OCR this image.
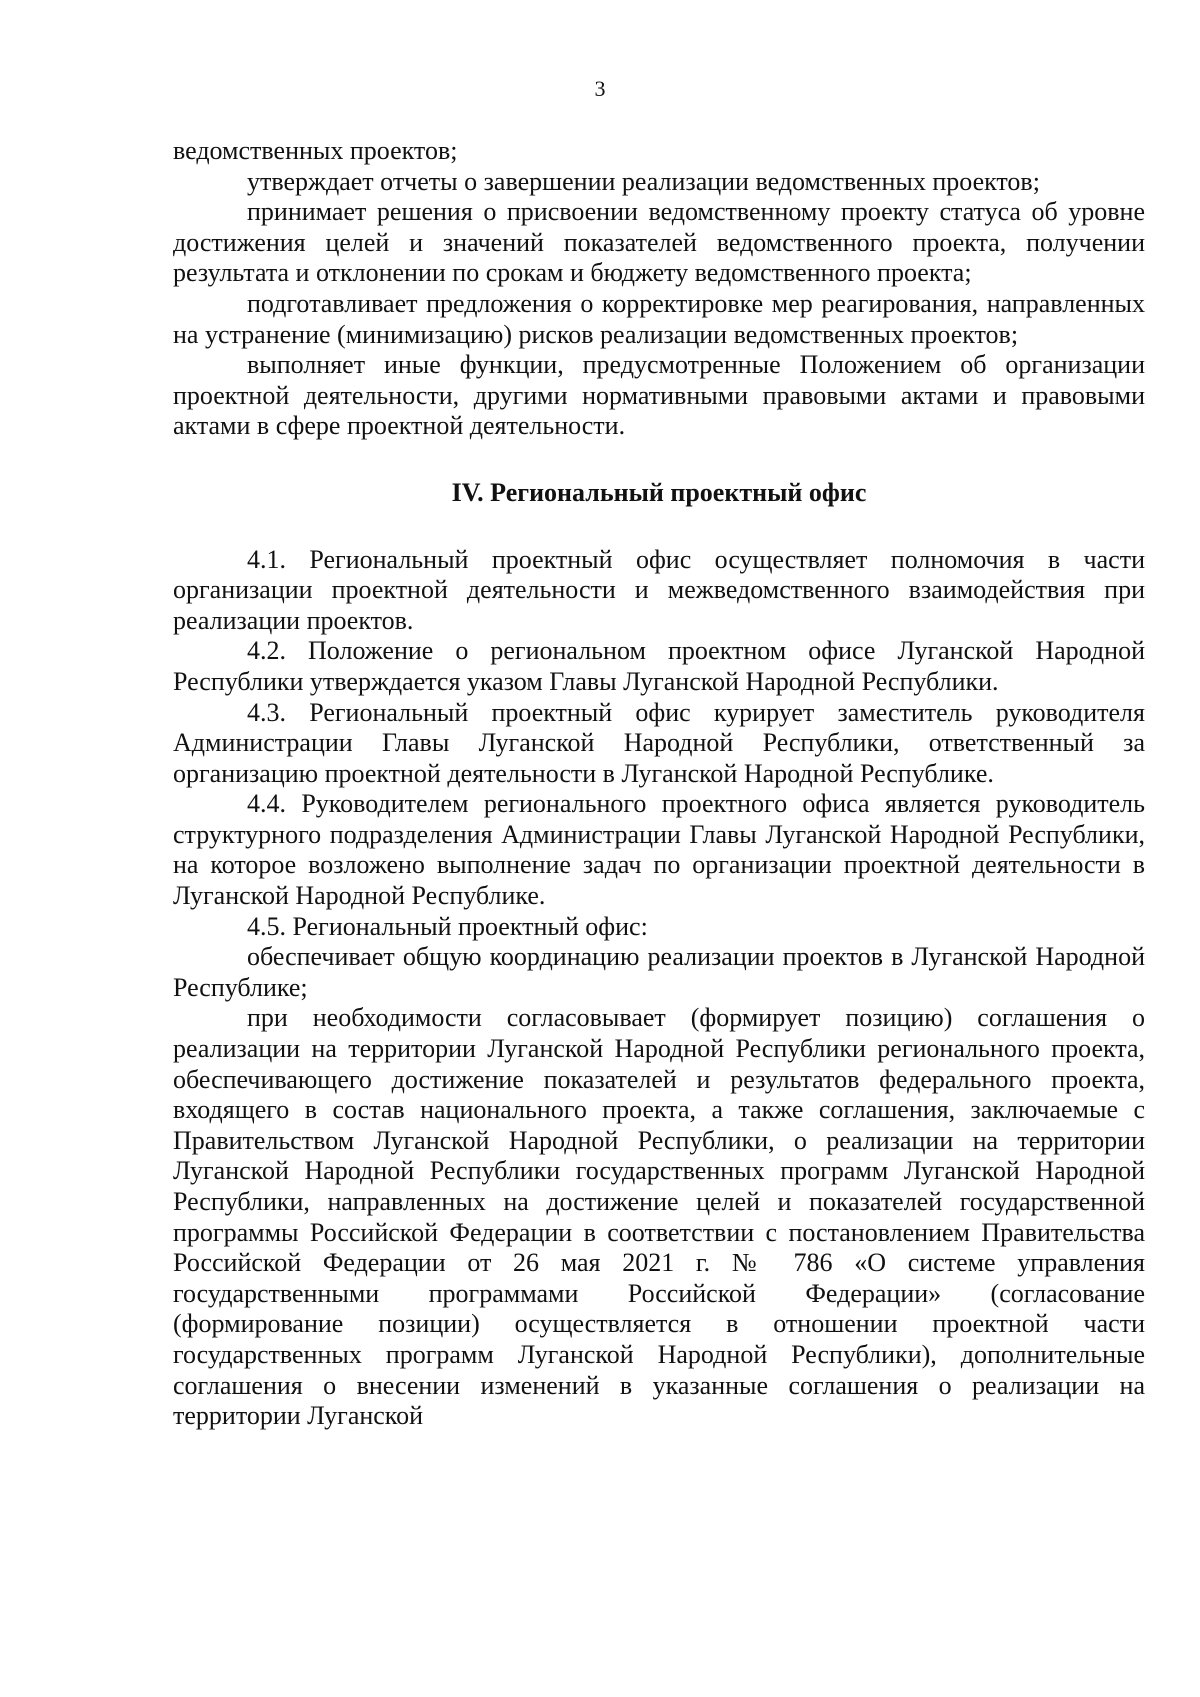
3

ведомственных проектов;

утверждает отчеты о завершении реализации ведомственных проектов;

принимает решения о присвоении ведомственному проекту статуса об уровне достижения целей и значений показателей ведомственного проекта, получении результата и отклонении по срокам и бюджету ведомственного проекта;

подготавливает предложения о корректировке мер реагирования, направленных на устранение (минимизацию) рисков реализации ведомственных проектов;

выполняет иные функции, предусмотренные Положением об организации проектной деятельности, другими нормативными правовыми актами и правовыми актами в сфере проектной деятельности.

IV. Региональный проектный офис

4.1. Региональный проектный офис осуществляет полномочия в части организации проектной деятельности и межведомственного взаимодействия при реализации проектов.

4.2. Положение о региональном проектном офисе Луганской Народной Республики утверждается указом Главы Луганской Народной Республики.

4.3. Региональный проектный офис курирует заместитель руководителя Администрации Главы Луганской Народной Республики, ответственный за организацию проектной деятельности в Луганской Народной Республике.

4.4. Руководителем регионального проектного офиса является руководитель структурного подразделения Администрации Главы Луганской Народной Республики, на которое возложено выполнение задач по организации проектной деятельности в Луганской Народной Республике.

4.5. Региональный проектный офис:

обеспечивает общую координацию реализации проектов в Луганской Народной Республике;

при необходимости согласовывает (формирует позицию) соглашения о реализации на территории Луганской Народной Республики регионального проекта, обеспечивающего достижение показателей и результатов федерального проекта, входящего в состав национального проекта, а также соглашения, заключаемые с Правительством Луганской Народной Республики, о реализации на территории Луганской Народной Республики государственных программ Луганской Народной Республики, направленных на достижение целей и показателей государственной программы Российской Федерации в соответствии с постановлением Правительства Российской Федерации от 26 мая 2021 г. № 786 «О системе управления государственными программами Российской Федерации» (согласование (формирование позиции) осуществляется в отношении проектной части государственных программ Луганской Народной Республики), дополнительные соглашения о внесении изменений в указанные соглашения о реализации на территории Луганской
